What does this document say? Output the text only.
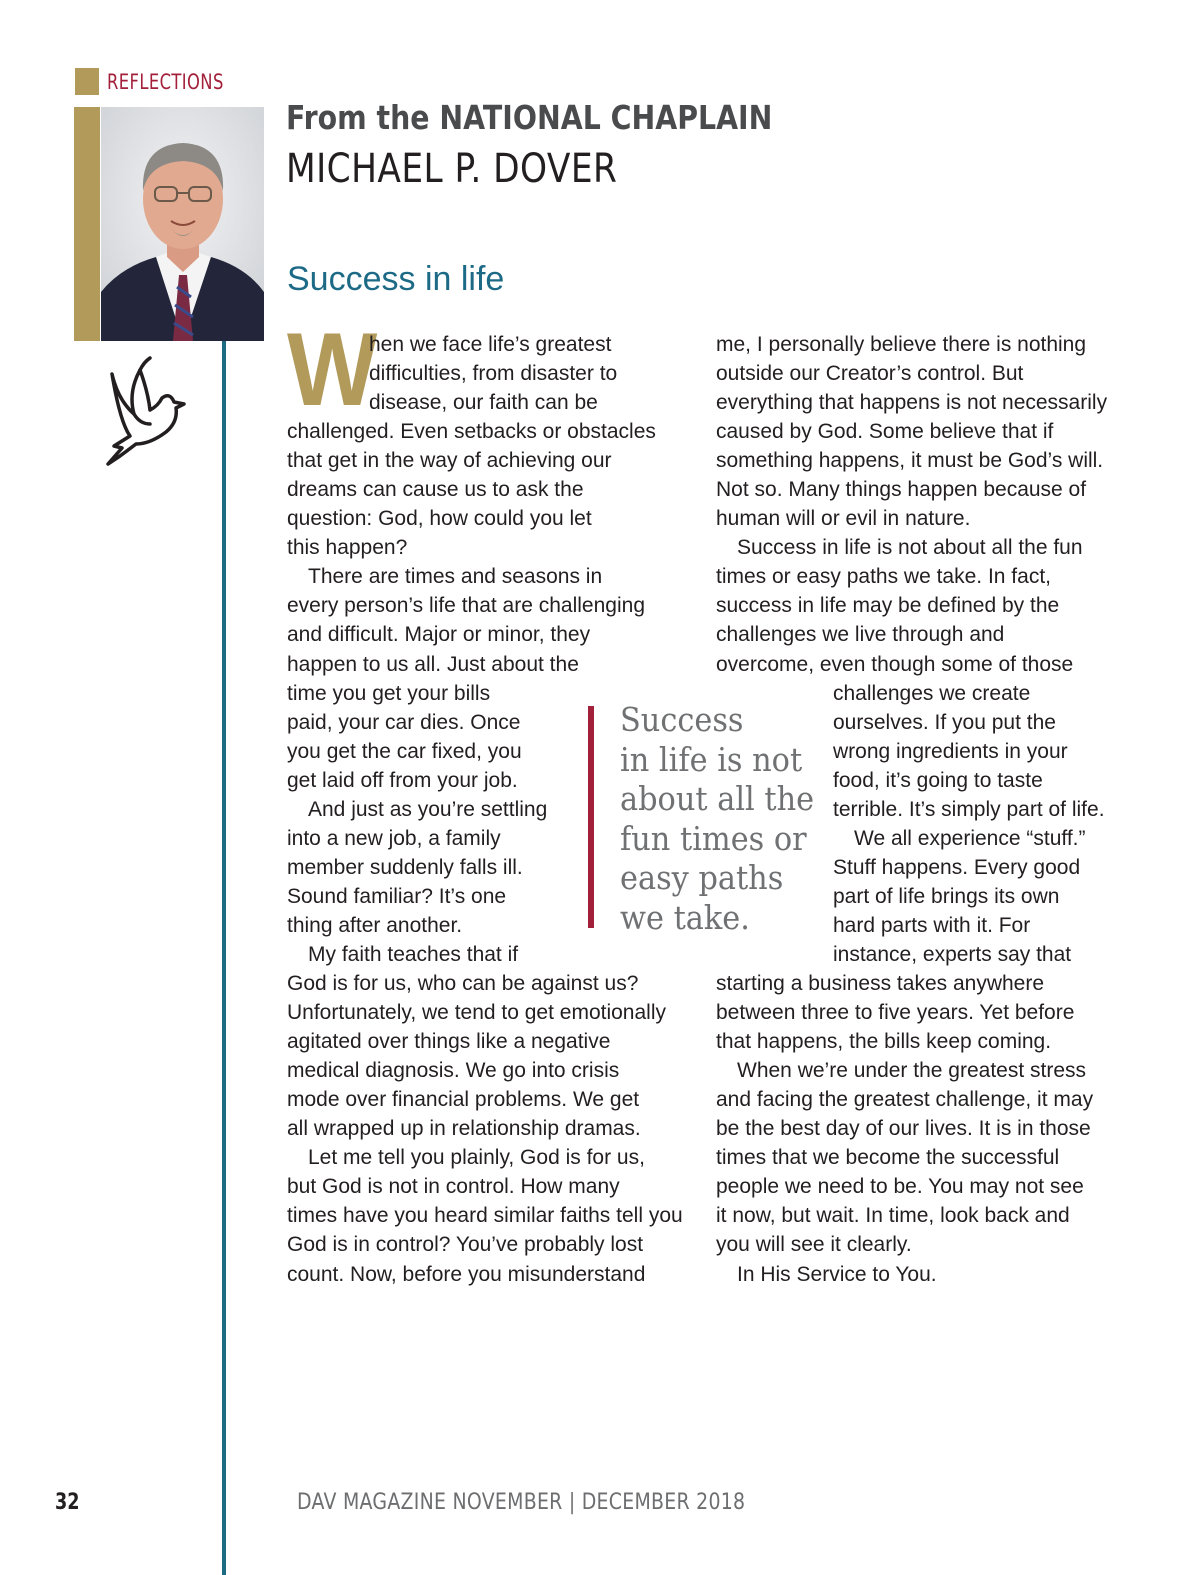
REFLECTIONS
From the NATIONAL CHAPLAIN
MICHAEL P. DOVER
Success in life
W
hen we face life’s greatest
difficulties, from disaster to
disease, our faith can be
challenged. Even setbacks or obstacles
that get in the way of achieving our
dreams can cause us to ask the
question: God, how could you let
this happen?
There are times and seasons in
every person’s life that are challenging
and difficult. Major or minor, they
happen to us all. Just about the
time you get your bills
paid, your car dies. Once
you get the car fixed, you
get laid off from your job.
And just as you’re settling
into a new job, a family
member suddenly falls ill.
Sound familiar? It’s one
thing after another.
My faith teaches that if
God is for us, who can be against us?
Unfortunately, we tend to get emotionally
agitated over things like a negative
medical diagnosis. We go into crisis
mode over financial problems. We get
all wrapped up in relationship dramas.
Let me tell you plainly, God is for us,
but God is not in control. How many
times have you heard similar faiths tell you
God is in control? You’ve probably lost
count. Now, before you misunderstand
me, I personally believe there is nothing
outside our Creator’s control. But
everything that happens is not necessarily
caused by God. Some believe that if
something happens, it must be God’s will.
Not so. Many things happen because of
human will or evil in nature.
Success in life is not about all the fun
times or easy paths we take. In fact,
success in life may be defined by the
challenges we live through and
overcome, even though some of those
challenges we create
ourselves. If you put the
wrong ingredients in your
food, it’s going to taste
terrible. It’s simply part of life.
We all experience “stuff.”
Stuff happens. Every good
part of life brings its own
hard parts with it. For
instance, experts say that
starting a business takes anywhere
between three to five years. Yet before
that happens, the bills keep coming.
When we’re under the greatest stress
and facing the greatest challenge, it may
be the best day of our lives. It is in those
times that we become the successful
people we need to be. You may not see
it now, but wait. In time, look back and
you will see it clearly.
In His Service to You.
Success
in life is not
about all the
fun times or
easy paths
we take.
32	DAV MAGAZINE NOVEMBER | DECEMBER 2018
